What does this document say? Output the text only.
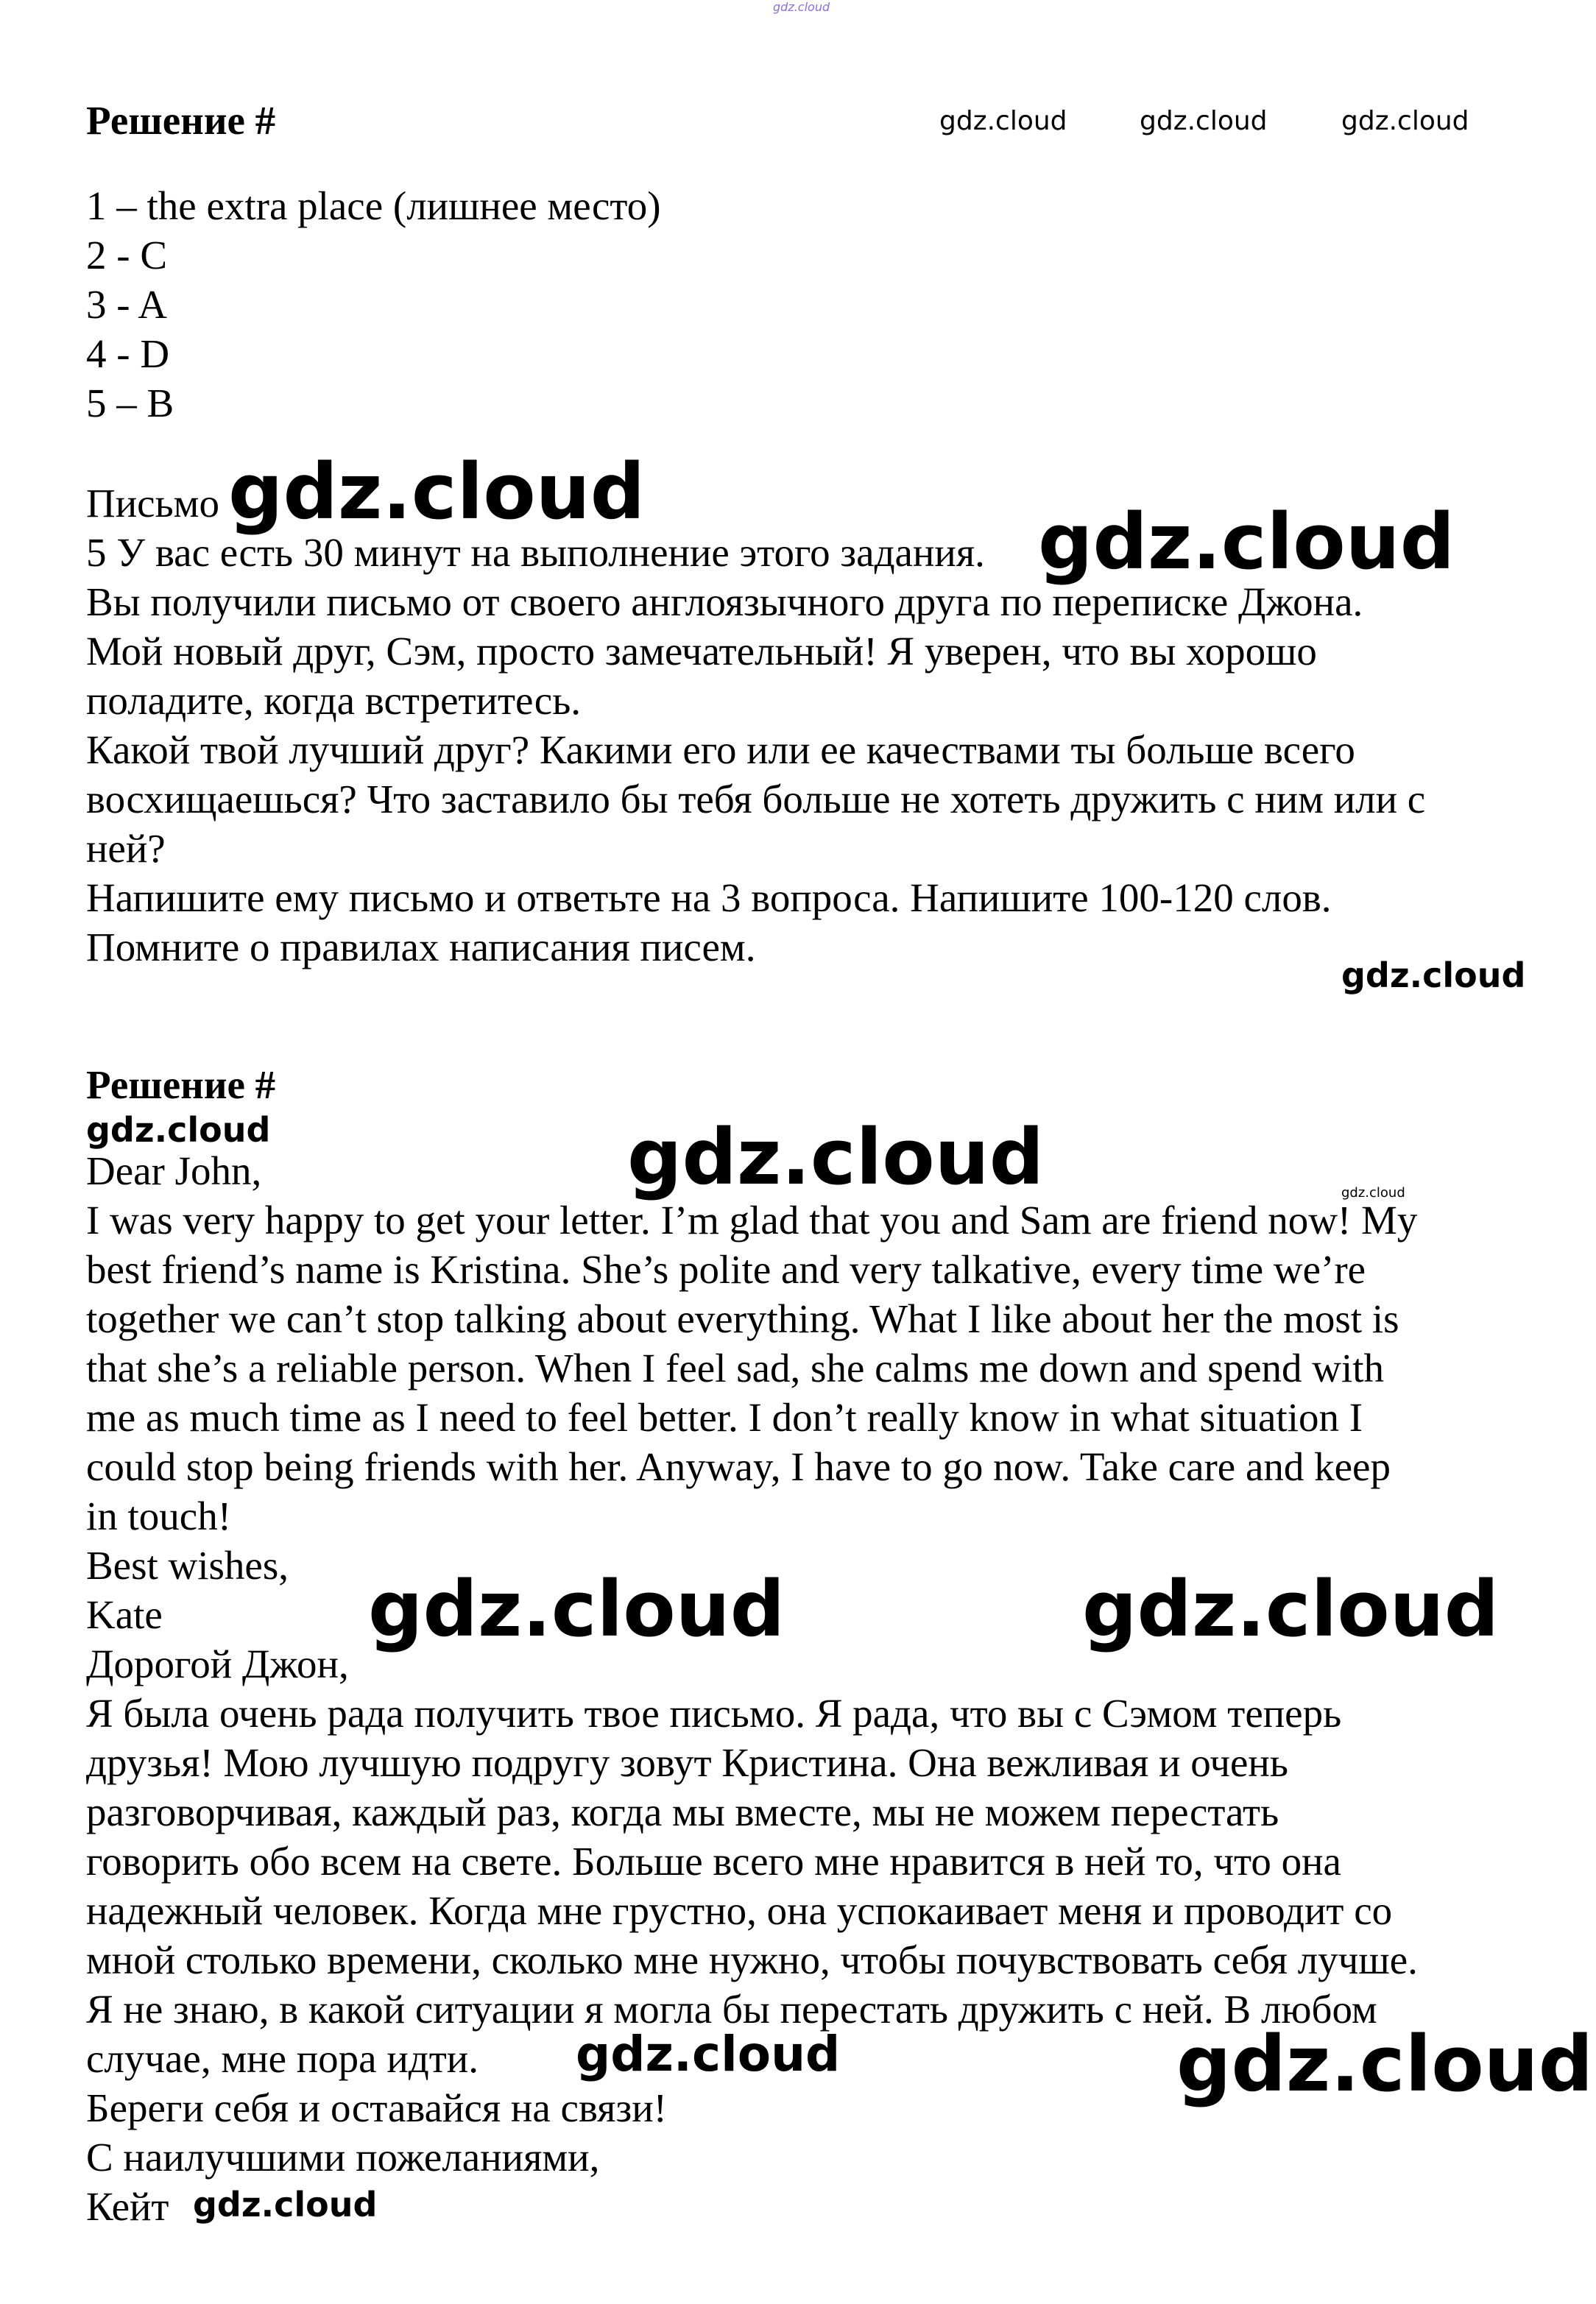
gdz.cloud
Решение #	gdz.cloud	gdz.cloud	gdz.cloud
1 – the extra place (лишнее место)
2 - C
3 - A
4 - D
5 – B
Письмо gdz.cloud
5 У вас есть 30 минут на выполнение этого задания. gdz.cloud
Вы получили письмо от своего англоязычного друга по переписке Джона.
Мой новый друг, Сэм, просто замечательный! Я уверен, что вы хорошо
поладите, когда встретитесь.
Какой твой лучший друг? Какими его или ее качествами ты больше всего
восхищаешься? Что заставило бы тебя больше не хотеть дружить с ним или с
ней?
Напишите ему письмо и ответьте на 3 вопроса. Напишите 100-120 слов.
Помните о правилах написания писем.
gdz.cloud
Решение #
gdz.cloud	gdz.cloud	gdz.cloud
Dear John,
I was very happy to get your letter. I’m glad that you and Sam are friend now! My
best friend’s name is Kristina. She’s polite and very talkative, every time we’re
together we can’t stop talking about everything. What I like about her the most is
that she’s a reliable person. When I feel sad, she calms me down and spend with
me as much time as I need to feel better. I don’t really know in what situation I
could stop being friends with her. Anyway, I have to go now. Take care and keep
in touch!
Best wishes,
Kate	gdz.cloud	gdz.cloud
Дорогой Джон,
Я была очень рада получить твое письмо. Я рада, что вы с Сэмом теперь
друзья! Мою лучшую подругу зовут Кристина. Она вежливая и очень
разговорчивая, каждый раз, когда мы вместе, мы не можем перестать
говорить обо всем на свете. Больше всего мне нравится в ней то, что она
надежный человек. Когда мне грустно, она успокаивает меня и проводит со
мной столько времени, сколько мне нужно, чтобы почувствовать себя лучше.
Я не знаю, в какой ситуации я могла бы перестать дружить с ней. В любом
случае, мне пора идти.
Береги себя и оставайся на связи!
С наилучшими пожеланиями,
Кейт
gdz.cloud	gdz.cloud
gdz.cloud
